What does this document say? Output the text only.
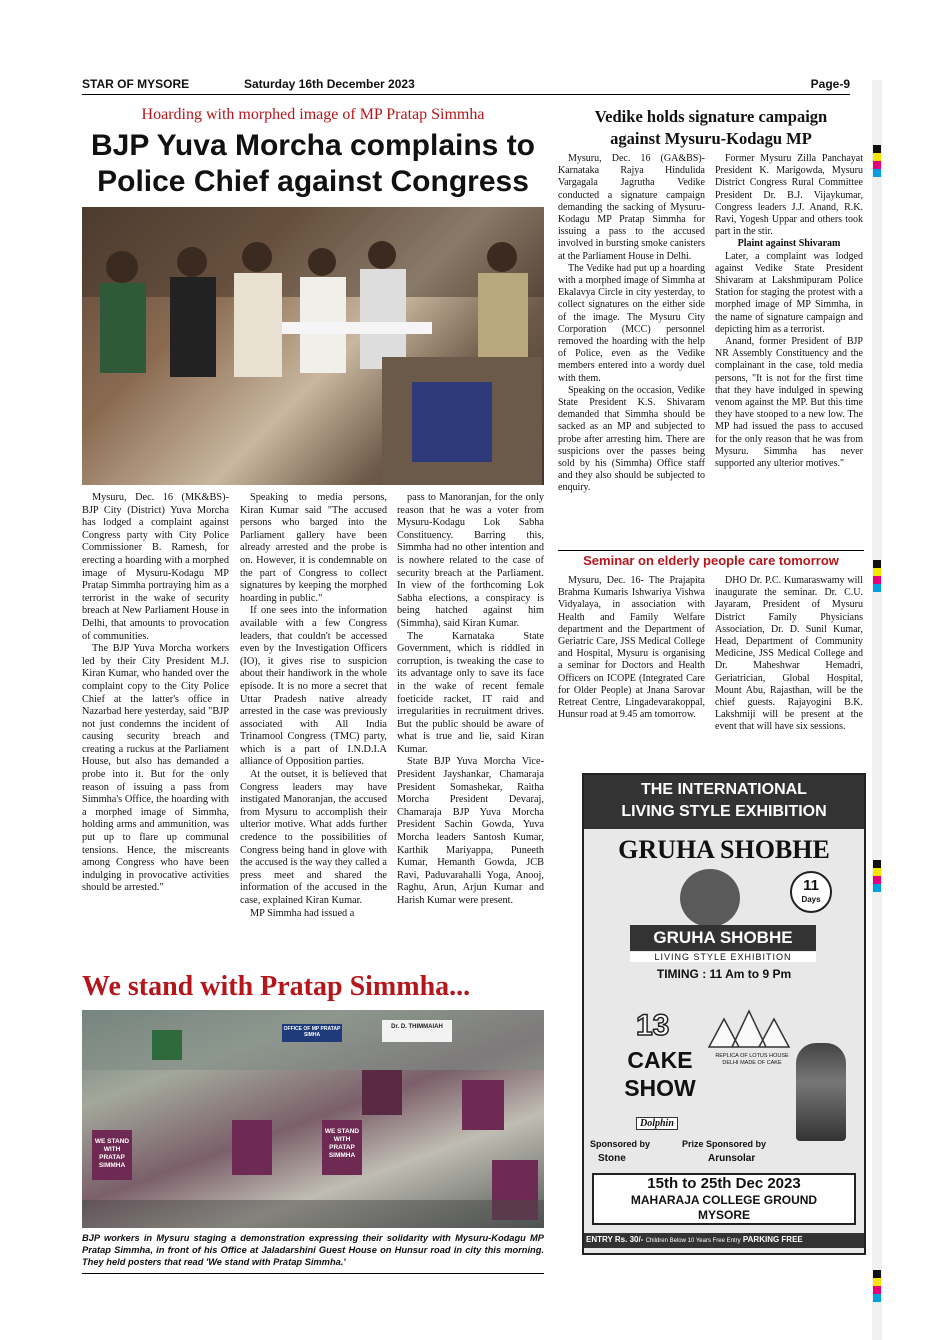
STAR OF MYSORE	Saturday 16th December 2023	Page-9
Hoarding with morphed image of MP Pratap Simmha
BJP Yuva Morcha complains to
Police Chief against Congress

Mysuru, Dec. 16 (MK&BS)- BJP City (District) Yuva Morcha has lodged a complaint against Congress party with City Police Commissioner B. Ramesh, for erecting a hoarding with a morphed image of Mysuru-Kodagu MP Pratap Simmha portraying him as a terrorist in the wake of security breach at New Parliament House in Delhi, that amounts to provocation of communities.

The BJP Yuva Morcha workers led by their City President M.J. Kiran Kumar, who handed over the complaint copy to the City Police Chief at the latter's office in Nazarbad here yesterday, said "BJP not just condemns the incident of causing security breach and creating a ruckus at the Parliament House, but also has demanded a probe into it. But for the only reason of issuing a pass from Simmha's Office, the hoarding with a morphed image of Simmha, holding arms and ammunition, was put up to flare up communal tensions. Hence, the miscreants among Congress who have been indulging in provocative activities should be arrested."

Speaking to media persons, Kiran Kumar said "The accused persons who barged into the Parliament gallery have been already arrested and the probe is on. However, it is condemnable on the part of Congress to collect signatures by keeping the morphed hoarding in public."

If one sees into the information available with a few Congress leaders, that couldn't be accessed even by the Investigation Officers (IO), it gives rise to suspicion about their handiwork in the whole episode. It is no more a secret that Uttar Pradesh native already arrested in the case was previously associated with All India Trinamool Congress (TMC) party, which is a part of I.N.D.I.A alliance of Opposition parties.

At the outset, it is believed that Congress leaders may have instigated Manoranjan, the accused from Mysuru to accomplish their ulterior motive. What adds further credence to the possibilities of Congress being hand in glove with the accused is the way they called a press meet and shared the information of the accused in the case, explained Kiran Kumar.

MP Simmha had issued a

pass to Manoranjan, for the only reason that he was a voter from Mysuru-Kodagu Lok Sabha Constituency. Barring this, Simmha had no other intention and is nowhere related to the case of security breach at the Parliament. In view of the forthcoming Lok Sabha elections, a conspiracy is being hatched against him (Simmha), said Kiran Kumar.

The Karnataka State Government, which is riddled in corruption, is tweaking the case to its advantage only to save its face in the wake of recent female foeticide racket, IT raid and irregularities in recruitment drives. But the public should be aware of what is true and lie, said Kiran Kumar.

State BJP Yuva Morcha Vice-President Jayshankar, Chamaraja President Somashekar, Raitha Morcha President Devaraj, Chamaraja BJP Yuva Morcha President Sachin Gowda, Yuva Morcha leaders Santosh Kumar, Karthik Mariyappa, Puneeth Kumar, Hemanth Gowda, JCB Ravi, Paduvarahalli Yoga, Anooj, Raghu, Arun, Arjun Kumar and Harish Kumar were present.

Vedike holds signature campaign
against Mysuru-Kodagu MP

Mysuru, Dec. 16 (GA&BS)- Karnataka Rajya Hindulida Vargagala Jagrutha Vedike conducted a signature campaign demanding the sacking of Mysuru-Kodagu MP Pratap Simmha for issuing a pass to the accused involved in bursting smoke canisters at the Parliament House in Delhi.

The Vedike had put up a hoarding with a morphed image of Simmha at Ekalavya Circle in city yesterday, to collect signatures on the either side of the image. The Mysuru City Corporation (MCC) personnel removed the hoarding with the help of Police, even as the Vedike members entered into a wordy duel with them.

Speaking on the occasion, Vedike State President K.S. Shivaram demanded that Simmha should be sacked as an MP and subjected to probe after arresting him. There are suspicions over the passes being sold by his (Simmha) Office staff and they also should be subjected to enquiry.

Former Mysuru Zilla Panchayat President K. Marigowda, Mysuru District Congress Rural Committee President Dr. B.J. Vijaykumar, Congress leaders J.J. Anand, R.K. Ravi, Yogesh Uppar and others took part in the stir.

Plaint against Shivaram

Later, a complaint was lodged against Vedike State President Shivaram at Lakshmipuram Police Station for staging the protest with a morphed image of MP Simmha, in the name of signature campaign and depicting him as a terrorist.

Anand, former President of BJP NR Assembly Constituency and the complainant in the case, told media persons, "It is not for the first time that they have indulged in spewing venom against the MP. But this time they have stooped to a new low. The MP had issued the pass to accused for the only reason that he was from Mysuru. Simmha has never supported any ulterior motives."

Seminar on elderly people care tomorrow

Mysuru, Dec. 16- The Prajapita Brahma Kumaris Ishwariya Vishwa Vidyalaya, in association with Health and Family Welfare department and the Department of Geriatric Care, JSS Medical College and Hospital, Mysuru is organising a seminar for Doctors and Health Officers on ICOPE (Integrated Care for Older People) at Jnana Sarovar Retreat Centre, Lingadevarakoppal, Hunsur road at 9.45 am tomorrow.

DHO Dr. P.C. Kumaraswamy will inaugurate the seminar. Dr. C.U. Jayaram, President of Mysuru District Family Physicians Association, Dr. D. Sunil Kumar, Head, Department of Community Medicine, JSS Medical College and Dr. Maheshwar Hemadri, Geriatrician, Global Hospital, Mount Abu, Rajasthan, will be the chief guests. Rajayogini B.K. Lakshmiji will be present at the event that will have six sessions.

We stand with Pratap Simmha...
OFFICE OF MP PRATAP SIMHA
Dr. D. THIMMAIAH
WE STAND WITH PRATAP SIMMHA
WE STAND WITH PRATAP SIMMHA
BJP workers in Mysuru staging a demonstration expressing their solidarity with Mysuru-Kodagu MP Pratap Simmha, in front of his Office at Jaladarshini Guest House on Hunsur road in city this morning. They held posters that read 'We stand with Pratap Simmha.'
THE INTERNATIONAL
LIVING STYLE EXHIBITION
GRUHA SHOBHE
11
Days
GRUHA SHOBHE
LIVING STYLE EXHIBITION
TIMING : 11 Am to 9 Pm
13
CAKE
SHOW
REPLICA OF LOTUS HOUSE DELHI MADE OF CAKE
Sponsored by	Prize Sponsored by
Dolphin
Stone	Arunsolar
15th to 25th Dec 2023
MAHARAJA COLLEGE GROUND
MYSORE
ENTRY Rs. 30/- Children Below 10 Years Free Entry PARKING FREE
